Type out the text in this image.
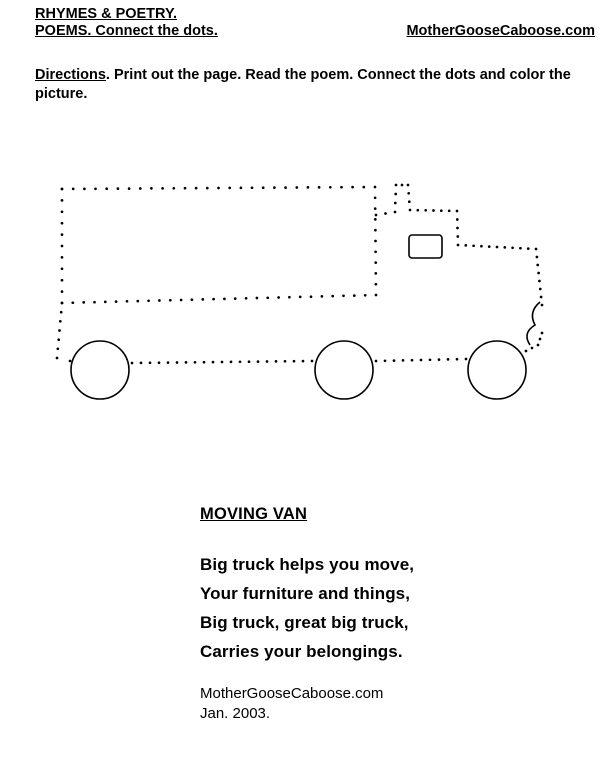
RHYMES & POETRY.
POEMS. Connect the dots.	MotherGooseCaboose.com
Directions. Print out the page. Read the poem. Connect the dots and color the picture.
MOVING VAN
Big truck helps you move,
Your furniture and things,
Big truck, great big truck,
Carries your belongings.
MotherGooseCaboose.com
Jan. 2003.
